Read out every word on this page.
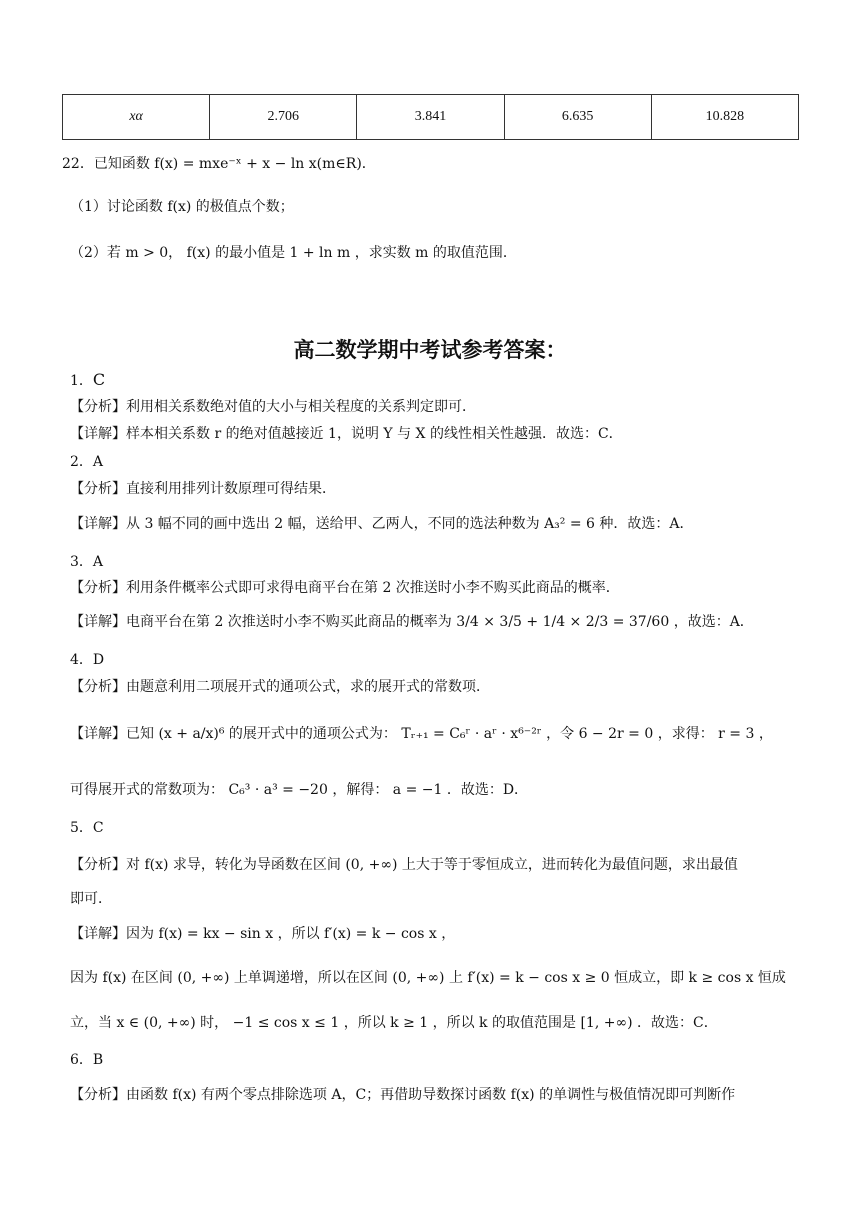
xα	2.706	3.841	6.635	10.828
22．已知函数 f(x) = mxe⁻ˣ + x − ln x(m∈R)．
（1）讨论函数 f(x) 的极值点个数；
（2）若 m > 0， f(x) 的最小值是 1 + ln m ，求实数 m 的取值范围．
高二数学期中考试参考答案：
1．C
【分析】利用相关系数绝对值的大小与相关程度的关系判定即可．
【详解】样本相关系数 r 的绝对值越接近 1，说明 Y 与 X 的线性相关性越强．故选：C．
2．A
【分析】直接利用排列计数原理可得结果．
【详解】从 3 幅不同的画中选出 2 幅，送给甲、乙两人，不同的选法种数为 A₃² = 6 种．故选：A．
3．A
【分析】利用条件概率公式即可求得电商平台在第 2 次推送时小李不购买此商品的概率．
【详解】电商平台在第 2 次推送时小李不购买此商品的概率为 3/4 × 3/5 + 1/4 × 2/3 = 37/60 ，故选：A．
4．D
【分析】由题意利用二项展开式的通项公式，求的展开式的常数项．
【详解】已知 (x + a/x)⁶ 的展开式中的通项公式为： Tᵣ₊₁ = C₆ʳ · aʳ · x⁶⁻²ʳ ，令 6 − 2r = 0 ，求得： r = 3 ，
可得展开式的常数项为： C₆³ · a³ = −20 ，解得： a = −1 ．故选：D．
5．C
【分析】对 f(x) 求导，转化为导函数在区间 (0, +∞) 上大于等于零恒成立，进而转化为最值问题，求出最值
即可．
【详解】因为 f(x) = kx − sin x ，所以 f′(x) = k − cos x ，
因为 f(x) 在区间 (0, +∞) 上单调递增，所以在区间 (0, +∞) 上 f′(x) = k − cos x ≥ 0 恒成立，即 k ≥ cos x 恒成
立，当 x ∈ (0, +∞) 时， −1 ≤ cos x ≤ 1 ，所以 k ≥ 1 ，所以 k 的取值范围是 [1, +∞) ．故选：C．
6．B
【分析】由函数 f(x) 有两个零点排除选项 A，C；再借助导数探讨函数 f(x) 的单调性与极值情况即可判断作
